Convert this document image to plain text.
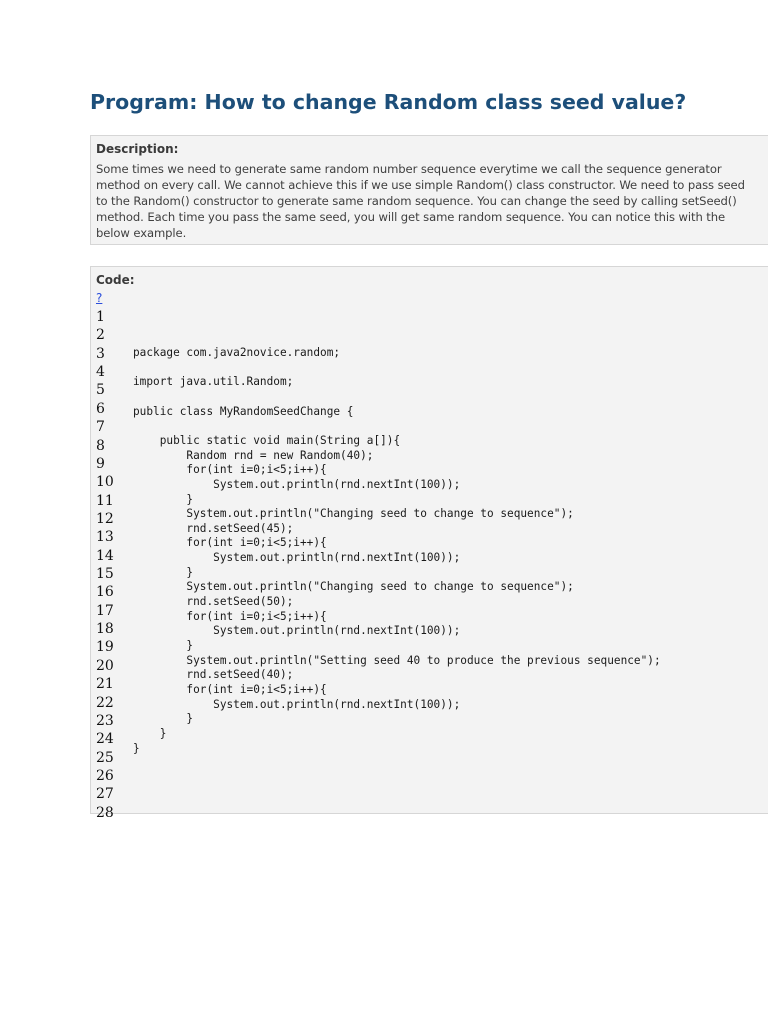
Program: How to change Random class seed value?
Description:
Some times we need to generate same random number sequence everytime we call the sequence generator
method on every call. We cannot achieve this if we use simple Random() class constructor. We need to pass seed
to the Random() constructor to generate same random sequence. You can change the seed by calling setSeed()
method. Each time you pass the same seed, you will get same random sequence. You can notice this with the
below example.
Code:
?
1
2
3
4
5
6
7
8
9
10
11
12
13
14
15
16
17
18
19
20
21
22
23
24
25
26
27
28
package com.java2novice.random;
import java.util.Random;
public class MyRandomSeedChange {
public static void main(String a[]){
Random rnd = new Random(40);
for(int i=0;i<5;i++){
System.out.println(rnd.nextInt(100));
}
System.out.println("Changing seed to change to sequence");
rnd.setSeed(45);
for(int i=0;i<5;i++){
System.out.println(rnd.nextInt(100));
}
System.out.println("Changing seed to change to sequence");
rnd.setSeed(50);
for(int i=0;i<5;i++){
System.out.println(rnd.nextInt(100));
}
System.out.println("Setting seed 40 to produce the previous sequence");
rnd.setSeed(40);
for(int i=0;i<5;i++){
System.out.println(rnd.nextInt(100));
}
}
}
